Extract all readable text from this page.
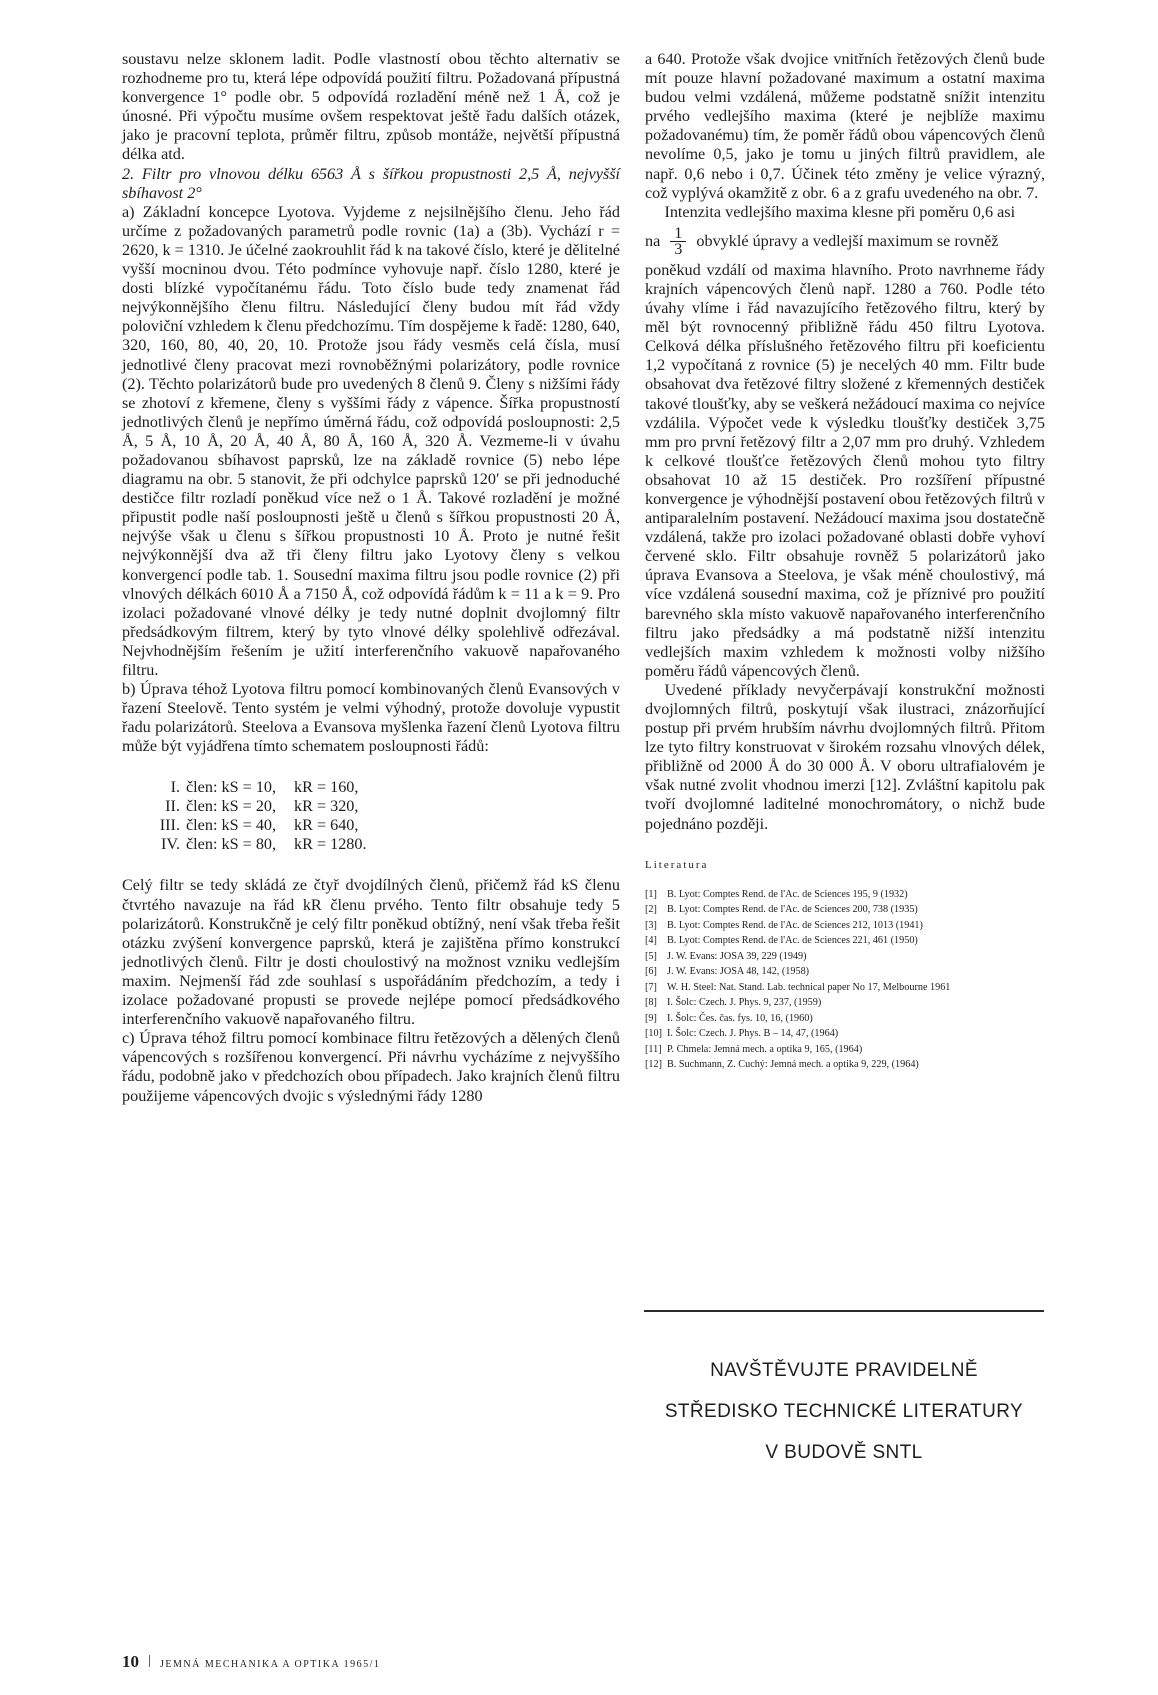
soustavu nelze sklonem ladit. Podle vlastností obou těchto alternativ se rozhodneme pro tu, která lépe odpovídá použití filtru. Požadovaná přípustná konvergence 1° podle obr. 5 odpovídá rozladění méně než 1 Å, což je únosné. Při výpočtu musíme ovšem respektovat ještě řadu dalších otázek, jako je pracovní teplota, průměr filtru, způsob montáže, největší přípustná délka atd.

2. Filtr pro vlnovou délku 6563 Å s šířkou propustnosti 2,5 Å, nejvyšší sbíhavost 2°

a) Základní koncepce Lyotova. Vyjdeme z nejsilnějšího členu. Jeho řád určíme z požadovaných parametrů podle rovnic (1a) a (3b). Vychází r = 2620, k = 1310. Je účelné zaokrouhlit řád k na takové číslo, které je dělitelné vyšší mocninou dvou. Této podmínce vyhovuje např. číslo 1280, které je dosti blízké vypočítanému řádu. Toto číslo bude tedy znamenat řád nejvýkonnějšího členu filtru. Následující členy budou mít řád vždy poloviční vzhledem k členu předchozímu. Tím dospějeme k řadě: 1280, 640, 320, 160, 80, 40, 20, 10. Protože jsou řády vesměs celá čísla, musí jednotlivé členy pracovat mezi rovnoběžnými polarizátory, podle rovnice (2). Těchto polarizátorů bude pro uvedených 8 členů 9. Členy s nižšími řády se zhotoví z křemene, členy s vyššími řády z vápence. Šířka propustností jednotlivých členů je nepřímo úměrná řádu, což odpovídá posloupnosti: 2,5 Å, 5 Å, 10 Å, 20 Å, 40 Å, 80 Å, 160 Å, 320 Å. Vezmeme-li v úvahu požadovanou sbíhavost paprsků, lze na základě rovnice (5) nebo lépe diagramu na obr. 5 stanovit, že při odchylce paprsků 120′ se při jednoduché destičce filtr rozladí poněkud více než o 1 Å. Takové rozladění je možné připustit podle naší posloupnosti ještě u členů s šířkou propustnosti 20 Å, nejvýše však u členu s šířkou propustnosti 10 Å. Proto je nutné řešit nejvýkonnější dva až tři členy filtru jako Lyotovy členy s velkou konvergencí podle tab. 1. Sousední maxima filtru jsou podle rovnice (2) při vlnových délkách 6010 Å a 7150 Å, což odpovídá řádům k = 11 a k = 9. Pro izolaci požadované vlnové délky je tedy nutné doplnit dvojlomný filtr předsádkovým filtrem, který by tyto vlnové délky spolehlivě odřezával. Nejvhodnějším řešením je užití interferenčního vakuově napařovaného filtru.

b) Úprava téhož Lyotova filtru pomocí kombinovaných členů Evansových v řazení Steelově. Tento systém je velmi výhodný, protože dovoluje vypustit řadu polarizátorů. Steelova a Evansova myšlenka řazení členů Lyotova filtru může být vyjádřena tímto schematem posloupnosti řádů:

I. člen: kS = 10, kR = 160,
II. člen: kS = 20, kR = 320,
III. člen: kS = 40, kR = 640,
IV. člen: kS = 80, kR = 1280.

Celý filtr se tedy skládá ze čtyř dvojdílných členů, přičemž řád kS členu čtvrtého navazuje na řád kR členu prvého. Tento filtr obsahuje tedy 5 polarizátorů. Konstrukčně je celý filtr poněkud obtížný, není však třeba řešit otázku zvýšení konvergence paprsků, která je zajištěna přímo konstrukcí jednotlivých členů. Filtr je dosti choulostivý na možnost vzniku vedlejším maxim. Nejmenší řád zde souhlasí s uspořádáním předchozím, a tedy i izolace požadované propusti se provede nejlépe pomocí předsádkového interferenčního vakuově napařovaného filtru.

c) Úprava téhož filtru pomocí kombinace filtru řetězových a dělených členů vápencových s rozšířenou konvergencí. Při návrhu vycházíme z nejvyššího řádu, podobně jako v předchozích obou případech. Jako krajních členů filtru použijeme vápencových dvojic s výslednými řády 1280

a 640. Protože však dvojice vnitřních řetězových členů bude mít pouze hlavní požadované maximum a ostatní maxima budou velmi vzdálená, můžeme podstatně snížit intenzitu prvého vedlejšího maxima (které je nejblíže maximu požadovanému) tím, že poměr řádů obou vápencových členů nevolíme 0,5, jako je tomu u jiných filtrů pravidlem, ale např. 0,6 nebo i 0,7. Účinek této změny je velice výrazný, což vyplývá okamžitě z obr. 6 a z grafu uvedeného na obr. 7.

Intenzita vedlejšího maxima klesne při poměru 0,6 asi

na $\frac{1}{3}$ obvyklé úpravy a vedlejší maximum se rovněž

poněkud vzdálí od maxima hlavního. Proto navrhneme řády krajních vápencových členů např. 1280 a 760. Podle této úvahy vlíme i řád navazujícího řetězového filtru, který by měl být rovnocenný přibližně řádu 450 filtru Lyotova. Celková délka příslušného řetězového filtru při koeficientu 1,2 vypočítaná z rovnice (5) je necelých 40 mm. Filtr bude obsahovat dva řetězové filtry složené z křemenných destiček takové tloušťky, aby se veškerá nežádoucí maxima co nejvíce vzdálila. Výpočet vede k výsledku tloušťky destiček 3,75 mm pro první řetězový filtr a 2,07 mm pro druhý. Vzhledem k celkové tloušťce řetězových členů mohou tyto filtry obsahovat 10 až 15 destiček. Pro rozšíření přípustné konvergence je výhodnější postavení obou řetězových filtrů v antiparalelním postavení. Nežádoucí maxima jsou dostatečně vzdálená, takže pro izolaci požadované oblasti dobře vyhoví červené sklo. Filtr obsahuje rovněž 5 polarizátorů jako úprava Evansova a Steelova, je však méně choulostivý, má více vzdálená sousední maxima, což je příznivé pro použití barevného skla místo vakuově napařovaného interferenčního filtru jako předsádky a má podstatně nižší intenzitu vedlejších maxim vzhledem k možnosti volby nižšího poměru řádů vápencových členů.

Uvedené příklady nevyčerpávají konstrukční možnosti dvojlomných filtrů, poskytují však ilustraci, znázorňující postup při prvém hrubším návrhu dvojlomných filtrů. Přitom lze tyto filtry konstruovat v širokém rozsahu vlnových délek, přibližně od 2000 Å do 30 000 Å. V oboru ultrafialovém je však nutné zvolit vhodnou imerzi [12]. Zvláštní kapitolu pak tvoří dvojlomné laditelné monochromátory, o nichž bude pojednáno později.

Literatura
[1] B. Lyot: Comptes Rend. de l'Ac. de Sciences 195, 9 (1932)
[2] B. Lyot: Comptes Rend. de l'Ac. de Sciences 200, 738 (1935)
[3] B. Lyot: Comptes Rend. de l'Ac. de Sciences 212, 1013 (1941)
[4] B. Lyot: Comptes Rend. de l'Ac. de Sciences 221, 461 (1950)
[5] J. W. Evans: JOSA 39, 229 (1949)
[6] J. W. Evans: JOSA 48, 142, (1958)
[7] W. H. Steel: Nat. Stand. Lab. technical paper No 17, Melbourne 1961
[8] I. Šolc: Czech. J. Phys. 9, 237, (1959)
[9] I. Šolc: Čes. čas. fys. 10, 16, (1960)
[10] I. Šolc: Czech. J. Phys. B – 14, 47, (1964)
[11] P. Chmela: Jemná mech. a optika 9, 165, (1964)
[12] B. Suchmann, Z. Cuchý: Jemná mech. a optika 9, 229, (1964)
NAVŠTĚVUJTE PRAVIDELNĚ
STŘEDISKO TECHNICKÉ LITERATURY
V BUDOVĚ SNTL
10 JEMNÁ MECHANIKA A OPTIKA 1965/1
